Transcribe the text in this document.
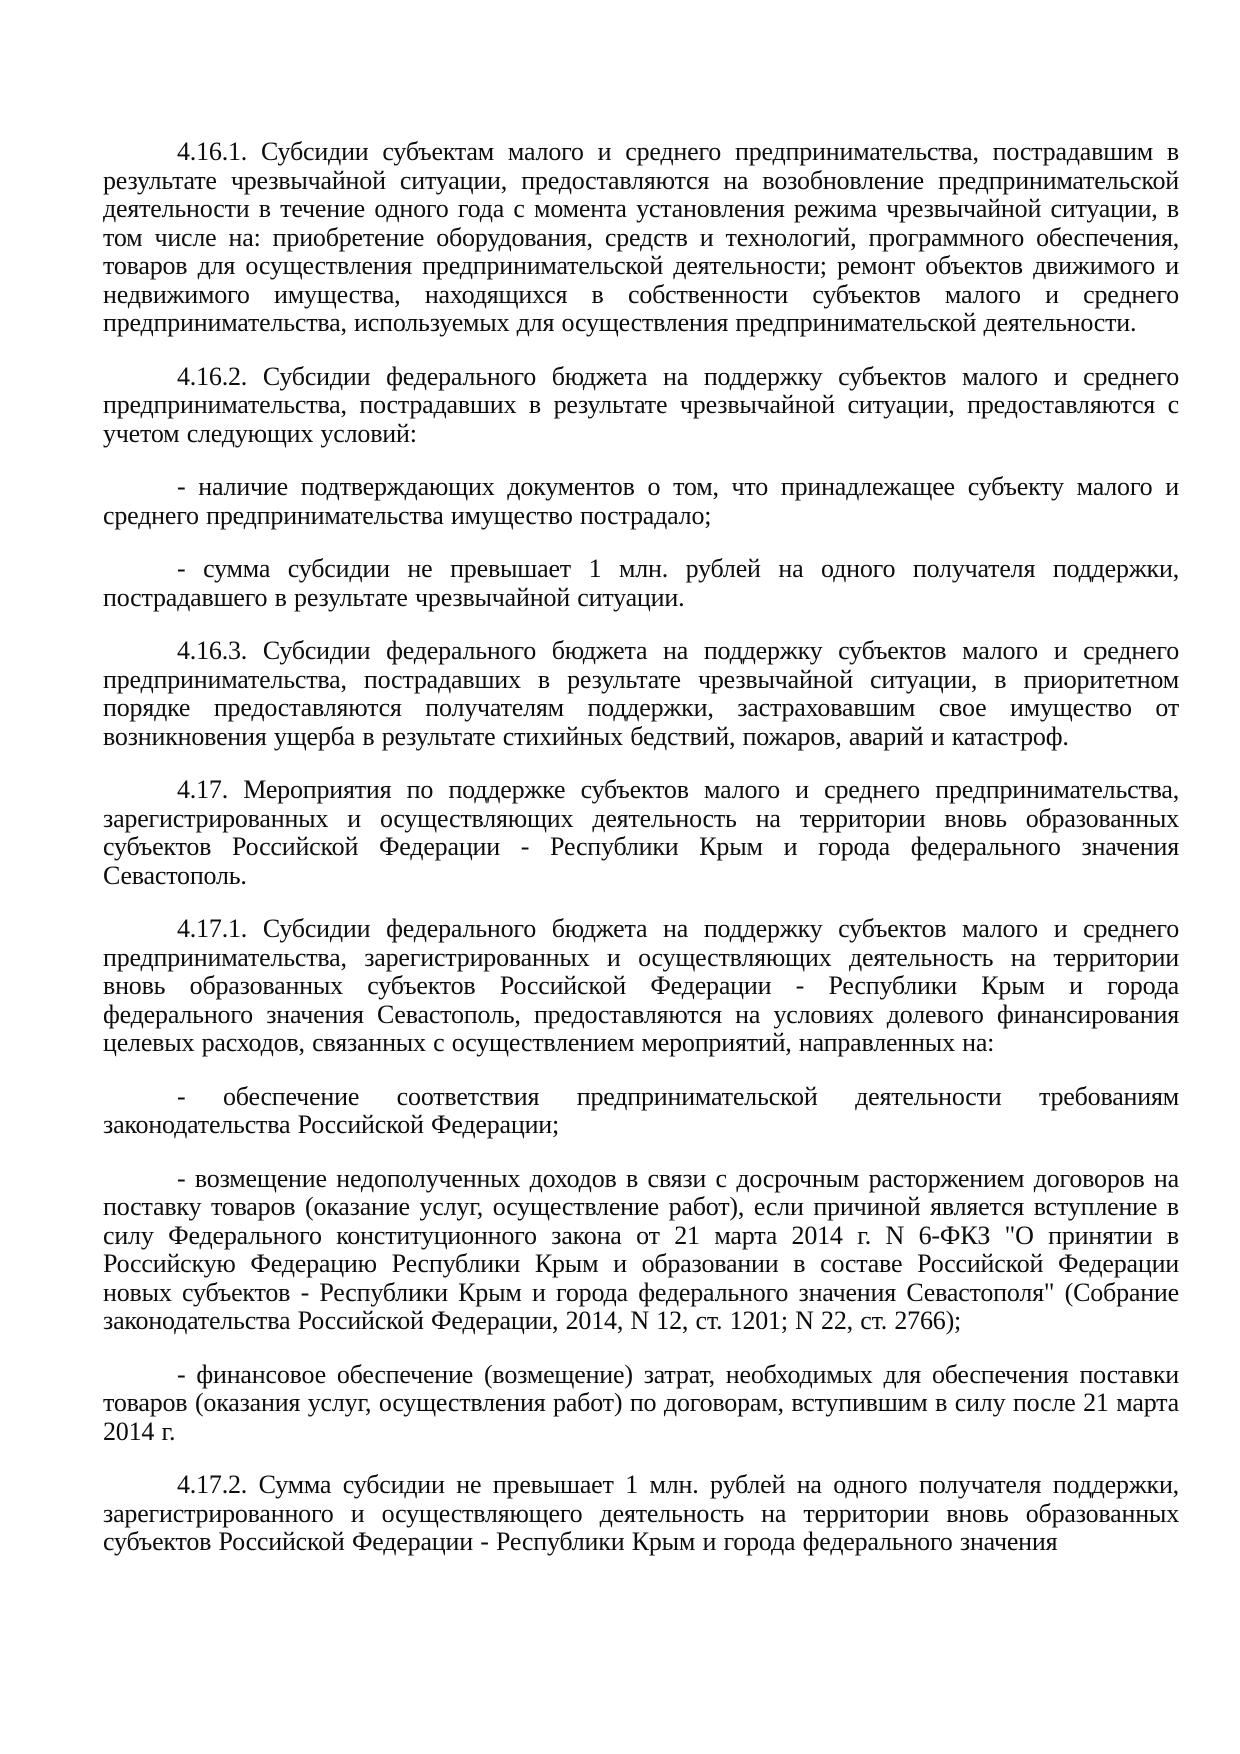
4.16.1. Субсидии субъектам малого и среднего предпринимательства, пострадавшим в результате чрезвычайной ситуации, предоставляются на возобновление предпринимательской деятельности в течение одного года с момента установления режима чрезвычайной ситуации, в том числе на: приобретение оборудования, средств и технологий, программного обеспечения, товаров для осуществления предпринимательской деятельности; ремонт объектов движимого и недвижимого имущества, находящихся в собственности субъектов малого и среднего предпринимательства, используемых для осуществления предпринимательской деятельности.

4.16.2. Субсидии федерального бюджета на поддержку субъектов малого и среднего предпринимательства, пострадавших в результате чрезвычайной ситуации, предоставляются с учетом следующих условий:

- наличие подтверждающих документов о том, что принадлежащее субъекту малого и среднего предпринимательства имущество пострадало;

- сумма субсидии не превышает 1 млн. рублей на одного получателя поддержки, пострадавшего в результате чрезвычайной ситуации.

4.16.3. Субсидии федерального бюджета на поддержку субъектов малого и среднего предпринимательства, пострадавших в результате чрезвычайной ситуации, в приоритетном порядке предоставляются получателям поддержки, застраховавшим свое имущество от возникновения ущерба в результате стихийных бедствий, пожаров, аварий и катастроф.

4.17. Мероприятия по поддержке субъектов малого и среднего предпринимательства, зарегистрированных и осуществляющих деятельность на территории вновь образованных субъектов Российской Федерации - Республики Крым и города федерального значения Севастополь.

4.17.1. Субсидии федерального бюджета на поддержку субъектов малого и среднего предпринимательства, зарегистрированных и осуществляющих деятельность на территории вновь образованных субъектов Российской Федерации - Республики Крым и города федерального значения Севастополь, предоставляются на условиях долевого финансирования целевых расходов, связанных с осуществлением мероприятий, направленных на:

- обеспечение соответствия предпринимательской деятельности требованиям законодательства Российской Федерации;

- возмещение недополученных доходов в связи с досрочным расторжением договоров на поставку товаров (оказание услуг, осуществление работ), если причиной является вступление в силу Федерального конституционного закона от 21 марта 2014 г. N 6-ФКЗ "О принятии в Российскую Федерацию Республики Крым и образовании в составе Российской Федерации новых субъектов - Республики Крым и города федерального значения Севастополя" (Собрание законодательства Российской Федерации, 2014, N 12, ст. 1201; N 22, ст. 2766);

- финансовое обеспечение (возмещение) затрат, необходимых для обеспечения поставки товаров (оказания услуг, осуществления работ) по договорам, вступившим в силу после 21 марта 2014 г.

4.17.2. Сумма субсидии не превышает 1 млн. рублей на одного получателя поддержки, зарегистрированного и осуществляющего деятельность на территории вновь образованных субъектов Российской Федерации - Республики Крым и города федерального значения
